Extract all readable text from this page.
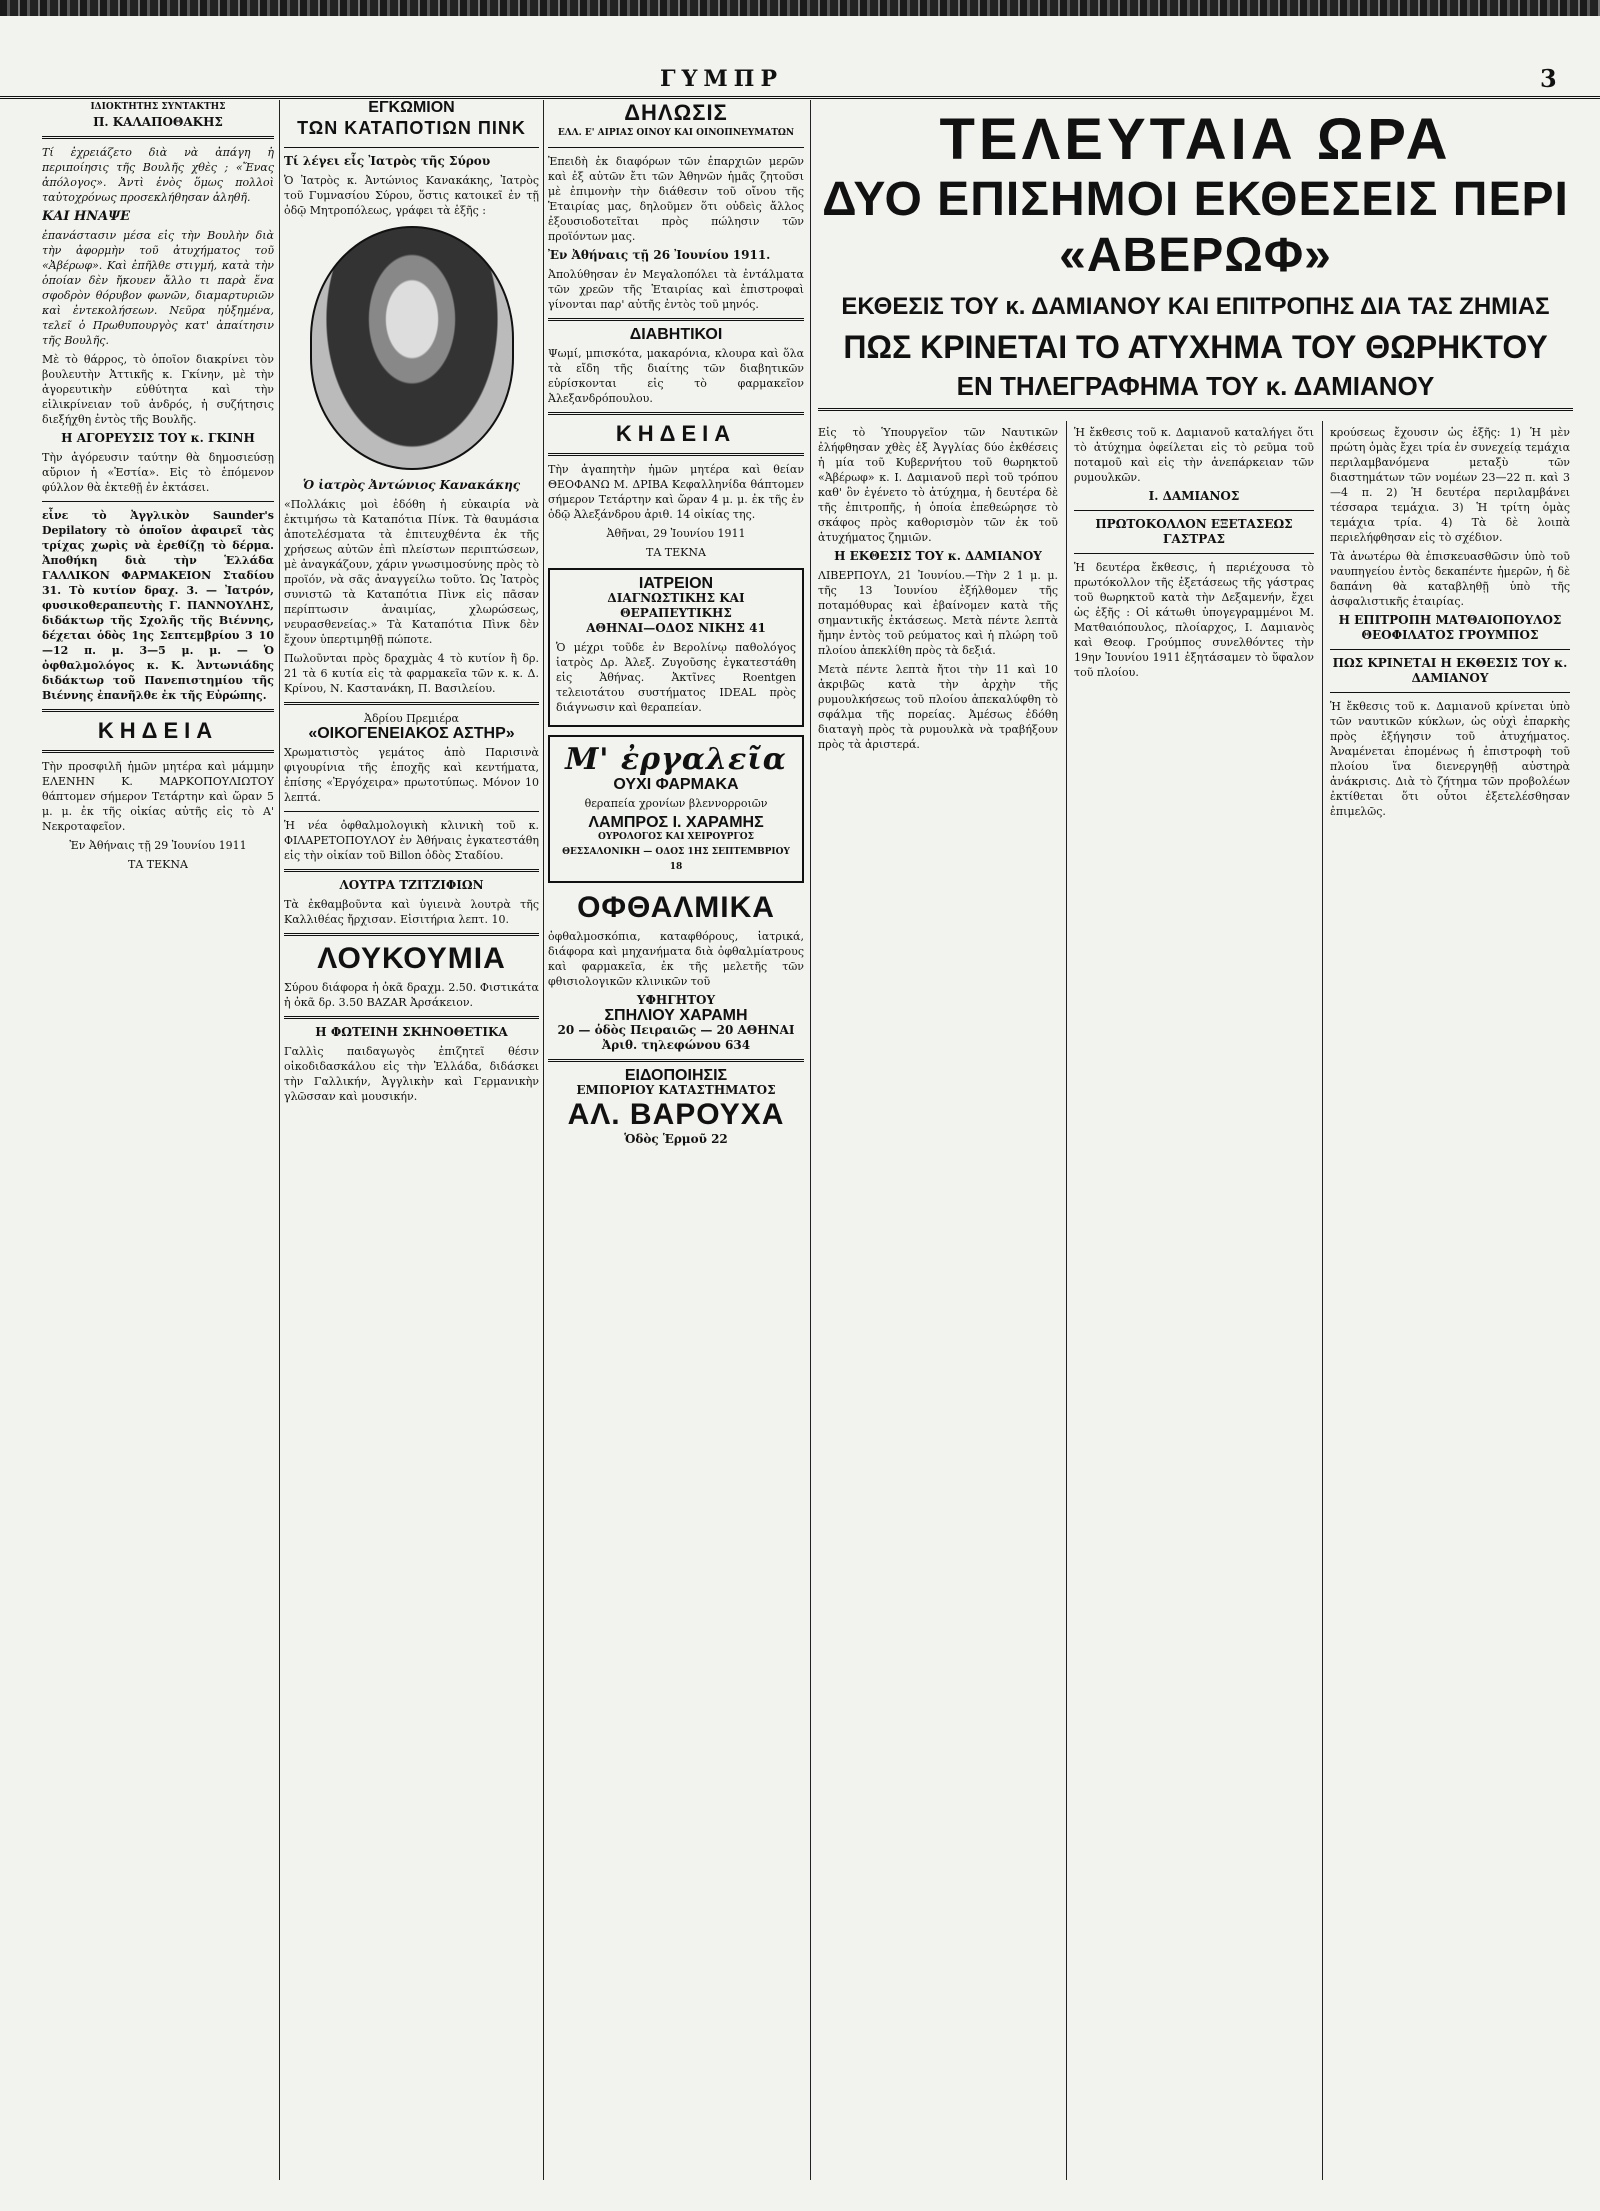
ΓΥΜΠΡ	3
ΙΔΙΟΚΤΗΤΗΣ ΣΥΝΤΑΚΤΗΣ
Π. ΚΑΛΑΠΟΘΑΚΗΣ

Τί ἐχρειάζετο διὰ νὰ ἀπάγη ἡ περιποίησις τῆς Βουλῆς χθὲς ; «Ἔνας ἀπόλογος». Ἀντὶ ἑνὸς ὅμως πολλοὶ ταὐτοχρόνως προσεκλήθησαν ἀληθῆ.

ΚΑΙ ΗΝΑΨΕ

ἐπανάστασιν μέσα εἰς τὴν Βουλὴν διὰ τὴν ἀφορμὴν τοῦ ἀτυχήματος τοῦ «Ἀβέρωφ». Καὶ ἐπῆλθε στιγμή, κατὰ τὴν ὁποίαν δὲν ἤκουεν ἄλλο τι παρὰ ἕνα σφοδρὸν θόρυβον φωνῶν, διαμαρτυριῶν καὶ ἐντεκολήσεων. Νεῦρα ηὐξημένα, τελεῖ ὁ Πρωθυπουργὸς κατ' ἀπαίτησιν τῆς Βουλῆς.

Μὲ τὸ θάρρος, τὸ ὁποῖον διακρίνει τὸν βουλευτὴν Ἀττικῆς κ. Γκίνην, μὲ τὴν ἀγορευτικὴν εὐθύτητα καὶ τὴν εἰλικρίνειαν τοῦ ἀνδρός, ἡ συζήτησις διεξήχθη ἐντὸς τῆς Βουλῆς.

Η ΑΓΟΡΕΥΣΙΣ ΤΟΥ κ. ΓΚΙΝΗ

Τὴν ἀγόρευσιν ταύτην θὰ δημοσιεύσῃ αὔριον ἡ «Ἑστία». Εἰς τὸ ἑπόμενον φύλλον θὰ ἐκτεθῇ ἐν ἐκτάσει.

εἶνε τὸ Ἀγγλικὸν Saunder's Depilatory τὸ ὁποῖον ἀφαιρεῖ τὰς τρίχας χωρὶς νὰ ἐρεθίζῃ τὸ δέρμα. Ἀποθήκη διὰ τὴν Ἑλλάδα ΓΑΛΛΙΚΟΝ ΦΑΡΜΑΚΕΙΟΝ Σταδίου 31. Τὸ κυτίον δραχ. 3. — Ἰατρόν, φυσικοθεραπευτὴς Γ. ΠΑΝΝΟΥΛΗΣ, διδάκτωρ τῆς Σχολῆς τῆς Βιέννης, δέχεται ὁδὸς 1ης Σεπτεμβρίου 3 10—12 π. μ. 3—5 μ. μ. — Ὁ ὀφθαλμολόγος κ. Κ. Ἀντωνιάδης διδάκτωρ τοῦ Πανεπιστημίου τῆς Βιέννης ἐπανῆλθε ἐκ τῆς Εὐρώπης.

ΚΗΔΕΙΑ

Τὴν προσφιλῆ ἡμῶν μητέρα καὶ μάμμην ΕΛΕΝΗΝ Κ. ΜΑΡΚΟΠΟΥΛΙΩΤΟΥ θάπτομεν σήμερον Τετάρτην καὶ ὥραν 5 μ. μ. ἐκ τῆς οἰκίας αὐτῆς εἰς τὸ Α' Νεκροταφεῖον.

Ἐν Ἀθήναις τῇ 29 Ἰουνίου 1911

ΤΑ ΤΕΚΝΑ

ΕΓΚΩΜΙΟΝ
ΤΩΝ ΚΑΤΑΠΟΤΙΩΝ ΠΙΝΚ
Τί λέγει εἷς Ἰατρὸς τῆς Σύρου

Ὁ Ἰατρὸς κ. Ἀντώνιος Κανακάκης, Ἰατρὸς τοῦ Γυμνασίου Σύρου, ὅστις κατοικεῖ ἐν τῇ ὁδῷ Μητροπόλεως, γράφει τὰ ἑξῆς :

Ὁ ἰατρὸς Ἀντώνιος Κανακάκης

«Πολλάκις μοὶ ἐδόθη ἡ εὐκαιρία νὰ ἐκτιμήσω τὰ Καταπότια Πίνκ. Τὰ θαυμάσια ἀποτελέσματα τὰ ἐπιτευχθέντα ἐκ τῆς χρήσεως αὐτῶν ἐπὶ πλείστων περιπτώσεων, μὲ ἀναγκάζουν, χάριν γνωσιμοσύνης πρὸς τὸ προϊόν, νὰ σᾶς ἀναγγείλω τοῦτο. Ὡς Ἰατρὸς συνιστῶ τὰ Καταπότια Πὶνκ εἰς πᾶσαν περίπτωσιν ἀναιμίας, χλωρώσεως, νευρασθενείας.» Τὰ Καταπότια Πὶνκ δὲν ἔχουν ὑπερτιμηθῇ πώποτε.

Πωλοῦνται πρὸς δραχμὰς 4 τὸ κυτίον ἢ δρ. 21 τὰ 6 κυτία εἰς τὰ φαρμακεῖα τῶν κ. κ. Δ. Κρίνου, Ν. Καστανάκη, Π. Βασιλείου.

Ἀδρίου Πρεμιέρα
«ΟΙΚΟΓΕΝΕΙΑΚΟΣ ΑΣΤΗΡ»

Χρωματιστὸς γεμάτος ἀπὸ Παρισινὰ φιγουρίνια τῆς ἐποχῆς καὶ κεντήματα, ἐπίσης «Ἐργόχειρα» πρωτοτύπως. Μόνον 10 λεπτά.

Ἡ νέα ὀφθαλμολογικὴ κλινικὴ τοῦ κ. ΦΙΛΑΡΕΤΟΠΟΥΛΟΥ ἐν Ἀθήναις ἐγκατεστάθη εἰς τὴν οἰκίαν τοῦ Billon ὁδὸς Σταδίου.

ΛΟΥΤΡΑ ΤΖΙΤΖΙΦΙΩΝ

Τὰ ἐκθαμβοῦντα καὶ ὑγιεινὰ λουτρὰ τῆς Καλλιθέας ἤρχισαν. Εἰσιτήρια λεπτ. 10.

ΛΟΥΚΟΥΜΙΑ

Σύρου διάφορα ἡ ὀκᾶ δραχμ. 2.50. Φιστικάτα ἡ ὀκᾶ δρ. 3.50 BAZAR Ἀρσάκειον.

Η ΦΩΤΕΙΝΗ ΣΚΗΝΟΘΕΤΙΚΑ

Γαλλὶς παιδαγωγὸς ἐπιζητεῖ θέσιν οἰκοδιδασκάλου εἰς τὴν Ἑλλάδα, διδάσκει τὴν Γαλλικήν, Ἀγγλικὴν καὶ Γερμανικὴν γλῶσσαν καὶ μουσικήν.

ΔΗΛΩΣΙΣ
ΕΛΛ. Ε' ΑΙΡΙΑΣ ΟΙΝΟΥ ΚΑΙ ΟΙΝΟΠΝΕΥΜΑΤΩΝ

Ἐπειδὴ ἐκ διαφόρων τῶν ἐπαρχιῶν μερῶν καὶ ἐξ αὐτῶν ἔτι τῶν Ἀθηνῶν ἡμᾶς ζητοῦσι μὲ ἐπιμονὴν τὴν διάθεσιν τοῦ οἴνου τῆς Ἑταιρίας μας, δηλοῦμεν ὅτι οὐδεὶς ἄλλος ἐξουσιοδοτεῖται πρὸς πώλησιν τῶν προϊόντων μας.

Ἐν Ἀθήναις τῇ 26 Ἰουνίου 1911.

Ἀπολύθησαν ἐν Μεγαλοπόλει τὰ ἐντάλματα τῶν χρεῶν τῆς Ἑταιρίας καὶ ἐπιστροφαὶ γίνονται παρ' αὐτῆς ἐντὸς τοῦ μηνός.

ΔΙΑΒΗΤΙΚΟΙ

Ψωμί, μπισκότα, μακαρόνια, κλουρα καὶ ὅλα τὰ εἴδη τῆς διαίτης τῶν διαβητικῶν εὑρίσκονται εἰς τὸ φαρμακεῖον Ἀλεξανδρόπουλου.

ΚΗΔΕΙΑ

Τὴν ἀγαπητὴν ἡμῶν μητέρα καὶ θείαν ΘΕΟΦΑΝΩ Μ. ΔΡΙΒΑ Κεφαλληνίδα θάπτομεν σήμερον Τετάρτην καὶ ὥραν 4 μ. μ. ἐκ τῆς ἐν ὁδῷ Ἀλεξάνδρου ἀριθ. 14 οἰκίας της.

Ἀθῆναι, 29 Ἰουνίου 1911

ΤΑ ΤΕΚΝΑ

ΙΑΤΡΕΙΟΝ
ΔΙΑΓΝΩΣΤΙΚΗΣ ΚΑΙ ΘΕΡΑΠΕΥΤΙΚΗΣ
ΑΘΗΝΑΙ—ΟΔΟΣ ΝΙΚΗΣ 41

Ὁ μέχρι τοῦδε ἐν Βερολίνῳ παθολόγος ἰατρὸς Δρ. Ἀλεξ. Ζυγοῦσης ἐγκατεστάθη εἰς Ἀθήνας. Ἀκτῖνες Roentgen τελειοτάτου συστήματος IDEAL πρὸς διάγνωσιν καὶ θεραπείαν.

Μ' ἐργαλεῖα
ΟΥΧΙ ΦΑΡΜΑΚΑ
θεραπεία χρονίων βλεννορροιῶν
ΛΑΜΠΡΟΣ Ι. ΧΑΡΑΜΗΣ
ΟΥΡΟΛΟΓΟΣ ΚΑΙ ΧΕΙΡΟΥΡΓΟΣ
ΘΕΣΣΑΛΟΝΙΚΗ — ΟΔΟΣ 1ΗΣ ΣΕΠΤΕΜΒΡΙΟΥ 18
ΟΦΘΑΛΜΙΚΑ

ὀφθαλμοσκόπια, καταφθόρους, ἰατρικά, διάφορα καὶ μηχανήματα διὰ ὀφθαλμίατρους καὶ φαρμακεῖα, ἐκ τῆς μελετῆς τῶν φθισιολογικῶν κλινικῶν τοῦ

ΥΦΗΓΗΤΟΥ
ΣΠΗΛΙΟΥ ΧΑΡΑΜΗ
20 — ὁδὸς Πειραιῶς — 20 ΑΘΗΝΑΙ
Ἀριθ. τηλεφώνου 634
ΕΙΔΟΠΟΙΗΣΙΣ
ΕΜΠΟΡΙΟΥ ΚΑΤΑΣΤΗΜΑΤΟΣ
ΑΛ. ΒΑΡΟΥΧΑ
Ὁδὸς Ἑρμοῦ 22
ΤΕΛΕΥΤΑΙΑ ΩΡΑ
ΔΥΟ ΕΠΙΣΗΜΟΙ ΕΚΘΕΣΕΙΣ ΠΕΡΙ «ΑΒΕΡΩΦ»
ΕΚΘΕΣΙΣ ΤΟΥ κ. ΔΑΜΙΑΝΟΥ ΚΑΙ ΕΠΙΤΡΟΠΗΣ ΔΙΑ ΤΑΣ ΖΗΜΙΑΣ
ΠΩΣ ΚΡΙΝΕΤΑΙ ΤΟ ΑΤΥΧΗΜΑ ΤΟΥ ΘΩΡΗΚΤΟΥ
ΕΝ ΤΗΛΕΓΡΑΦΗΜΑ ΤΟΥ κ. ΔΑΜΙΑΝΟΥ

Εἰς τὸ Ὑπουργεῖον τῶν Ναυτικῶν ἐλήφθησαν χθὲς ἐξ Ἀγγλίας δύο ἐκθέσεις ἡ μία τοῦ Κυβερνήτου τοῦ θωρηκτοῦ «Ἀβέρωφ» κ. Ι. Δαμιανοῦ περὶ τοῦ τρόπου καθ' ὃν ἐγένετο τὸ ἀτύχημα, ἡ δευτέρα δὲ τῆς ἐπιτροπῆς, ἡ ὁποία ἐπεθεώρησε τὸ σκάφος πρὸς καθορισμὸν τῶν ἐκ τοῦ ἀτυχήματος ζημιῶν.

Η ΕΚΘΕΣΙΣ ΤΟΥ κ. ΔΑΜΙΑΝΟΥ

ΛΙΒΕΡΠΟΥΛ, 21 Ἰουνίου.—Τὴν 2 1 μ. μ. τῆς 13 Ἰουνίου ἐξήλθομεν τῆς ποταμόθυρας καὶ ἐβαίνομεν κατὰ τῆς σημαντικῆς ἐκτάσεως. Μετὰ πέντε λεπτὰ ἤμην ἐντὸς τοῦ ρεύματος καὶ ἡ πλώρη τοῦ πλοίου ἀπεκλίθη πρὸς τὰ δεξιά.

Μετὰ πέντε λεπτὰ ἤτοι τὴν 11 καὶ 10 ἀκριβῶς κατὰ τὴν ἀρχὴν τῆς ρυμουλκήσεως τοῦ πλοίου ἀπεκαλύφθη τὸ σφάλμα τῆς πορείας. Ἀμέσως ἐδόθη διαταγὴ πρὸς τὰ ρυμουλκὰ νὰ τραβήξουν πρὸς τὰ ἀριστερά.

Ἡ ἔκθεσις τοῦ κ. Δαμιανοῦ καταλήγει ὅτι τὸ ἀτύχημα ὀφείλεται εἰς τὸ ρεῦμα τοῦ ποταμοῦ καὶ εἰς τὴν ἀνεπάρκειαν τῶν ρυμουλκῶν.

Ι. ΔΑΜΙΑΝΟΣ
ΠΡΩΤΟΚΟΛΛΟΝ ΕΞΕΤΑΣΕΩΣ ΓΑΣΤΡΑΣ

Ἡ δευτέρα ἔκθεσις, ἡ περιέχουσα τὸ πρωτόκολλον τῆς ἐξετάσεως τῆς γάστρας τοῦ θωρηκτοῦ κατὰ τὴν Δεξαμενήν, ἔχει ὡς ἑξῆς : Οἱ κάτωθι ὑπογεγραμμένοι Μ. Ματθαιόπουλος, πλοίαρχος, Ι. Δαμιανὸς καὶ Θεοφ. Γρούμπος συνελθόντες τὴν 19ην Ἰουνίου 1911 ἐξητάσαμεν τὸ ὕφαλον τοῦ πλοίου.

κρούσεως ἔχουσιν ὡς ἑξῆς: 1) Ἡ μὲν πρώτη ὁμὰς ἔχει τρία ἐν συνεχείᾳ τεμάχια περιλαμβανόμενα μεταξὺ τῶν διαστημάτων τῶν νομέων 23—22 π. καὶ 3—4 π. 2) Ἡ δευτέρα περιλαμβάνει τέσσαρα τεμάχια. 3) Ἡ τρίτη ὁμὰς τεμάχια τρία. 4) Τὰ δὲ λοιπὰ περιελήφθησαν εἰς τὸ σχέδιον.

Τὰ ἀνωτέρω θὰ ἐπισκευασθῶσιν ὑπὸ τοῦ ναυπηγείου ἐντὸς δεκαπέντε ἡμερῶν, ἡ δὲ δαπάνη θὰ καταβληθῇ ὑπὸ τῆς ἀσφαλιστικῆς ἑταιρίας.

Η ΕΠΙΤΡΟΠΗ ΜΑΤΘΑΙΟΠΟΥΛΟΣ ΘΕΟΦΙΛΑΤΟΣ ΓΡΟΥΜΠΟΣ
ΠΩΣ ΚΡΙΝΕΤΑΙ Η ΕΚΘΕΣΙΣ ΤΟΥ κ. ΔΑΜΙΑΝΟΥ

Ἡ ἔκθεσις τοῦ κ. Δαμιανοῦ κρίνεται ὑπὸ τῶν ναυτικῶν κύκλων, ὡς οὐχὶ ἐπαρκὴς πρὸς ἐξήγησιν τοῦ ἀτυχήματος. Ἀναμένεται ἐπομένως ἡ ἐπιστροφὴ τοῦ πλοίου ἵνα διενεργηθῇ αὐστηρὰ ἀνάκρισις. Διὰ τὸ ζήτημα τῶν προβολέων ἐκτίθεται ὅτι οὗτοι ἐξετελέσθησαν ἐπιμελῶς.
